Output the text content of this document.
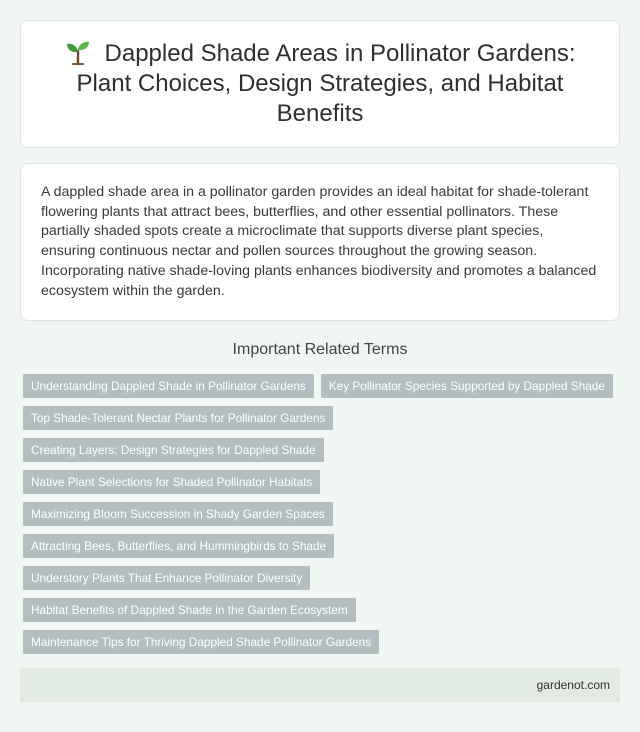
Dappled Shade Areas in Pollinator Gardens: Plant Choices, Design Strategies, and Habitat Benefits

A dappled shade area in a pollinator garden provides an ideal habitat for shade-tolerant flowering plants that attract bees, butterflies, and other essential pollinators. These partially shaded spots create a microclimate that supports diverse plant species, ensuring continuous nectar and pollen sources throughout the growing season. Incorporating native shade-loving plants enhances biodiversity and promotes a balanced ecosystem within the garden.

Important Related Terms
Understanding Dappled Shade in Pollinator Gardens	Key Pollinator Species Supported by Dappled Shade
Top Shade-Tolerant Nectar Plants for Pollinator Gardens
Creating Layers: Design Strategies for Dappled Shade
Native Plant Selections for Shaded Pollinator Habitats
Maximizing Bloom Succession in Shady Garden Spaces
Attracting Bees, Butterflies, and Hummingbirds to Shade
Understory Plants That Enhance Pollinator Diversity
Habitat Benefits of Dappled Shade in the Garden Ecosystem
Maintenance Tips for Thriving Dappled Shade Pollinator Gardens
gardenot.com
